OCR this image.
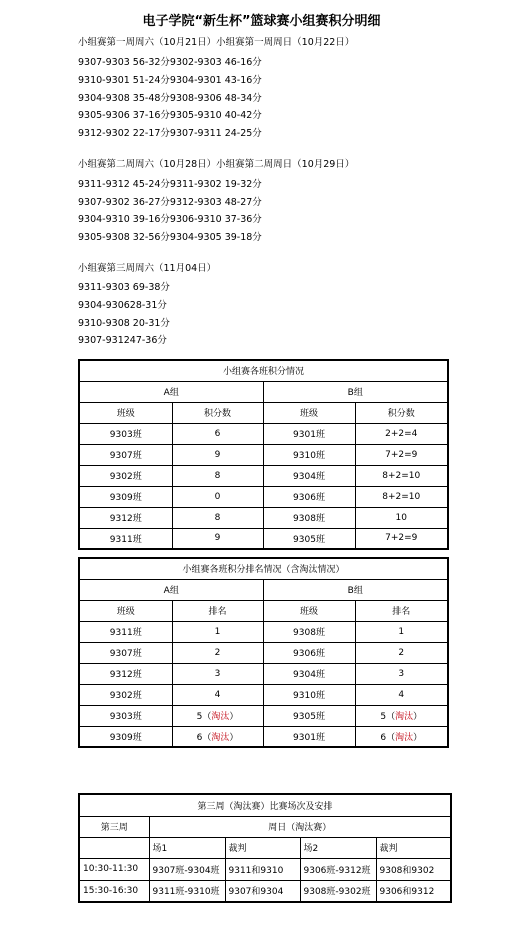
电子学院“新生杯”篮球赛小组赛积分明细
小组赛第一周周六（10月21日）小组赛第一周周日（10月22日）
9307-9303 56-32分9302-9303 46-16分
9310-9301 51-24分9304-9301 43-16分
9304-9308 35-48分9308-9306 48-34分
9305-9306 37-16分9305-9310 40-42分
9312-9302 22-17分9307-9311 24-25分
小组赛第二周周六（10月28日）小组赛第二周周日（10月29日）
9311-9312 45-24分9311-9302 19-32分
9307-9302 36-27分9312-9303 48-27分
9304-9310 39-16分9306-9310 37-36分
9305-9308 32-56分9304-9305 39-18分
小组赛第三周周六（11月04日）
9311-9303 69-38分
9304-930628-31分
9310-9308 20-31分
9307-931247-36分
小组赛各班积分情况			
A组		B组	
班级	积分数	班级	积分数
9303班	6	9301班	2+2=4
9307班	9	9310班	7+2=9
9302班	8	9304班	8+2=10
9309班	0	9306班	8+2=10
9312班	8	9308班	10
9311班	9	9305班	7+2=9
小组赛各班积分排名情况（含淘汰情况）			
A组		B组	
班级	排名	班级	排名
9311班	1	9308班	1
9307班	2	9306班	2
9312班	3	9304班	3
9302班	4	9310班	4
9303班	5（淘汰）	9305班	5（淘汰）
9309班	6（淘汰）	9301班	6（淘汰）
第三周（淘汰赛）比赛场次及安排				
第三周	周日（淘汰赛）			
	场1	裁判	场2	裁判
10:30-11:30	9307班-9304班	9311和9310	9306班-9312班	9308和9302
15:30-16:30	9311班-9310班	9307和9304	9308班-9302班	9306和9312
